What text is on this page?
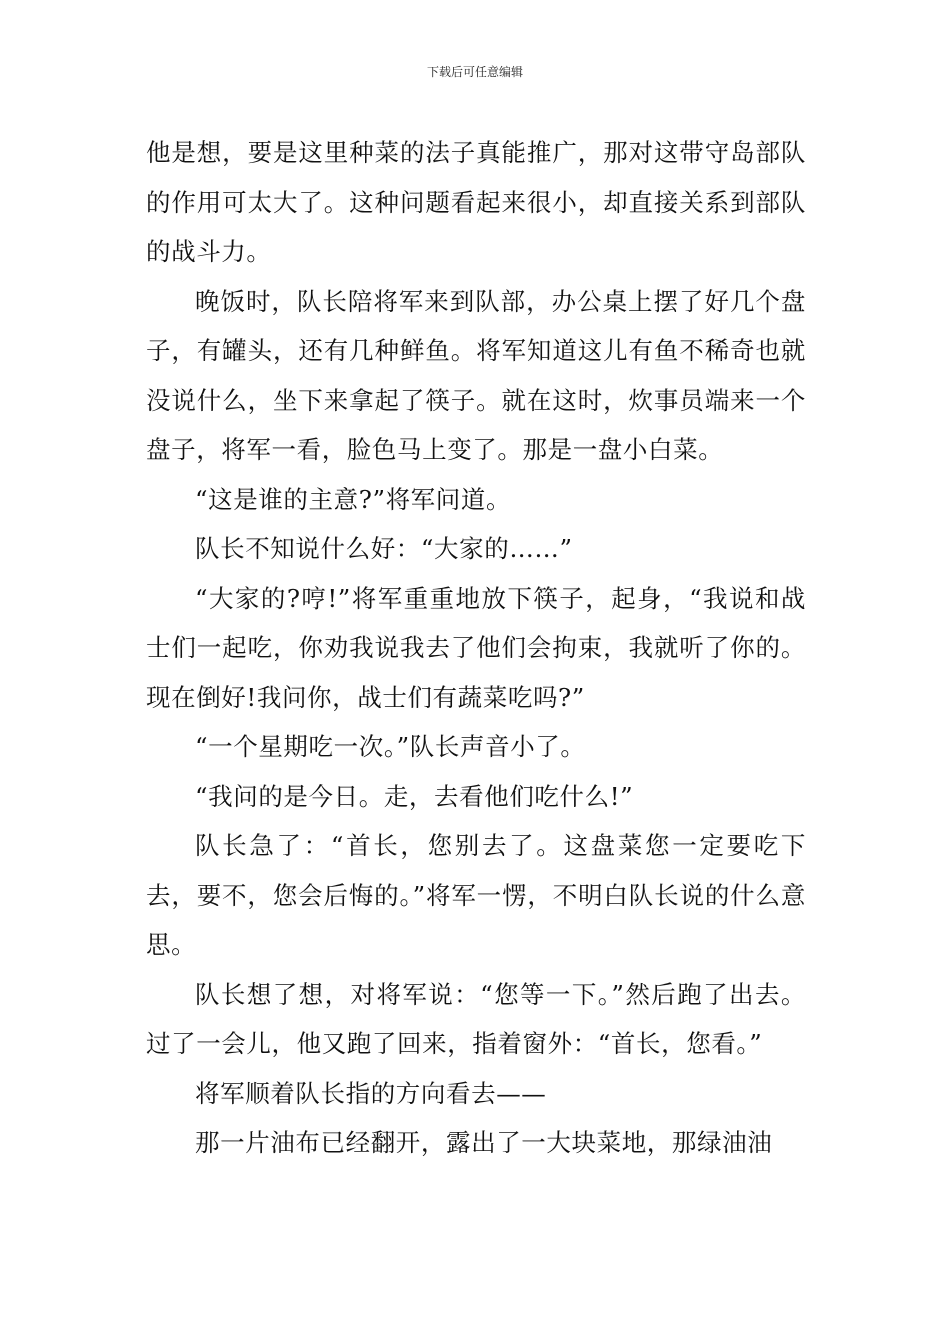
下载后可任意编辑

他是想，要是这里种菜的法子真能推广，那对这带守岛部队的作用可太大了。这种问题看起来很小，却直接关系到部队的战斗力。

晚饭时，队长陪将军来到队部，办公桌上摆了好几个盘子，有罐头，还有几种鲜鱼。将军知道这儿有鱼不稀奇也就没说什么，坐下来拿起了筷子。就在这时，炊事员端来一个盘子，将军一看，脸色马上变了。那是一盘小白菜。

“这是谁的主意?”将军问道。

队长不知说什么好：“大家的……”

“大家的?哼!”将军重重地放下筷子，起身，“我说和战士们一起吃，你劝我说我去了他们会拘束，我就听了你的。现在倒好!我问你，战士们有蔬菜吃吗?”

“一个星期吃一次。”队长声音小了。

“我问的是今日。走，去看他们吃什么!”

队长急了：“首长，您别去了。这盘菜您一定要吃下去，要不，您会后悔的。”将军一愣，不明白队长说的什么意思。

队长想了想，对将军说：“您等一下。”然后跑了出去。过了一会儿，他又跑了回来，指着窗外：“首长，您看。”

将军顺着队长指的方向看去——

那一片油布已经翻开，露出了一大块菜地，那绿油油
